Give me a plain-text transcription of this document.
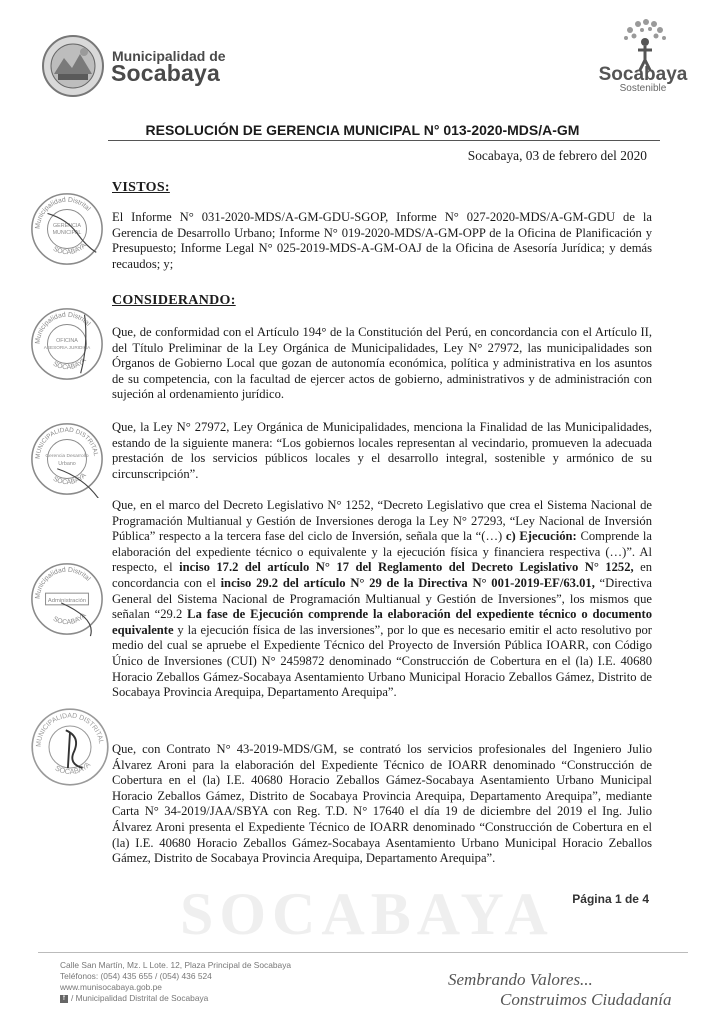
Municipalidad de
Socabaya	Socabaya
Sostenible
RESOLUCIÓN DE GERENCIA MUNICIPAL N° 013-2020-MDS/A-GM
Socabaya, 03 de febrero del 2020
VISTOS:
El Informe N° 031-2020-MDS/A-GM-GDU-SGOP, Informe N° 027-2020-MDS/A-GM-GDU de la Gerencia de Desarrollo Urbano; Informe N° 019-2020-MDS/A-GM-OPP de la Oficina de Planificación y Presupuesto; Informe Legal N° 025-2019-MDS-A-GM-OAJ de la Oficina de Asesoría Jurídica; y demás recaudos; y;
CONSIDERANDO:
Que, de conformidad con el Artículo 194° de la Constitución del Perú, en concordancia con el Artículo II, del Título Preliminar de la Ley Orgánica de Municipalidades, Ley N° 27972, las municipalidades son Órganos de Gobierno Local que gozan de autonomía económica, política y administrativa en los asuntos de su competencia, con la facultad de ejercer actos de gobierno, administrativos y de administración con sujeción al ordenamiento jurídico.
Que, la Ley N° 27972, Ley Orgánica de Municipalidades, menciona la Finalidad de las Municipalidades, estando de la siguiente manera: “Los gobiernos locales representan al vecindario, promueven la adecuada prestación de los servicios públicos locales y el desarrollo integral, sostenible y armónico de su circunscripción”.
Que, en el marco del Decreto Legislativo N° 1252, “Decreto Legislativo que crea el Sistema Nacional de Programación Multianual y Gestión de Inversiones deroga la Ley N° 27293, “Ley Nacional de Inversión Pública” respecto a la tercera fase del ciclo de Inversión, señala que la “(…) c) Ejecución: Comprende la elaboración del expediente técnico o equivalente y la ejecución física y financiera respectiva (…)”. Al respecto, el inciso 17.2 del artículo N° 17 del Reglamento del Decreto Legislativo N° 1252, en concordancia con el inciso 29.2 del artículo N° 29 de la Directiva N° 001-2019-EF/63.01, “Directiva General del Sistema Nacional de Programación Multianual y Gestión de Inversiones”, los mismos que señalan “29.2 La fase de Ejecución comprende la elaboración del expediente técnico o documento equivalente y la ejecución física de las inversiones”, por lo que es necesario emitir el acto resolutivo por medio del cual se apruebe el Expediente Técnico del Proyecto de Inversión Pública IOARR, con Código Único de Inversiones (CUI) N° 2459872 denominado “Construcción de Cobertura en el (la) I.E. 40680 Horacio Zeballos Gámez-Socabaya Asentamiento Urbano Municipal Horacio Zeballos Gámez, Distrito de Socabaya Provincia Arequipa, Departamento Arequipa”.
Que, con Contrato N° 43-2019-MDS/GM, se contrató los servicios profesionales del Ingeniero Julio Álvarez Aroni para la elaboración del Expediente Técnico de IOARR denominado “Construcción de Cobertura en el (la) I.E. 40680 Horacio Zeballos Gámez-Socabaya Asentamiento Urbano Municipal Horacio Zeballos Gámez, Distrito de Socabaya Provincia Arequipa, Departamento Arequipa”, mediante Carta N° 34-2019/JAA/SBYA con Reg. T.D. N° 17640 el día 19 de diciembre del 2019 el Ing. Julio Álvarez Aroni presenta el Expediente Técnico de IOARR denominado “Construcción de Cobertura en el (la) I.E. 40680 Horacio Zeballos Gámez-Socabaya Asentamiento Urbano Municipal Horacio Zeballos Gámez, Distrito de Socabaya Provincia Arequipa, Departamento Arequipa”.
Municipalidad Distrital
SOCABAYA
GERENCIA
MUNICIPAL
Municipalidad Distrital
SOCABAYA
OFICINA
ASESORIA JURIDICA
MUNICIPALIDAD DISTRITAL
SOCABAYA
Gerencia Desarrollo
Urbano
Municipalidad Distrital
SOCABAYA
Administración
MUNICIPALIDAD DISTRITAL
SOCABAYA
SOCABAYA Página 1 de 4
Calle San Martín, Mz. L Lote. 12, Plaza Principal de Socabaya
Teléfonos: (054) 435 655 / (054) 436 524
www.munisocabaya.gob.pe
f / Municipalidad Distrital de Socabaya
Sembrando Valores...
Construimos Ciudadanía
